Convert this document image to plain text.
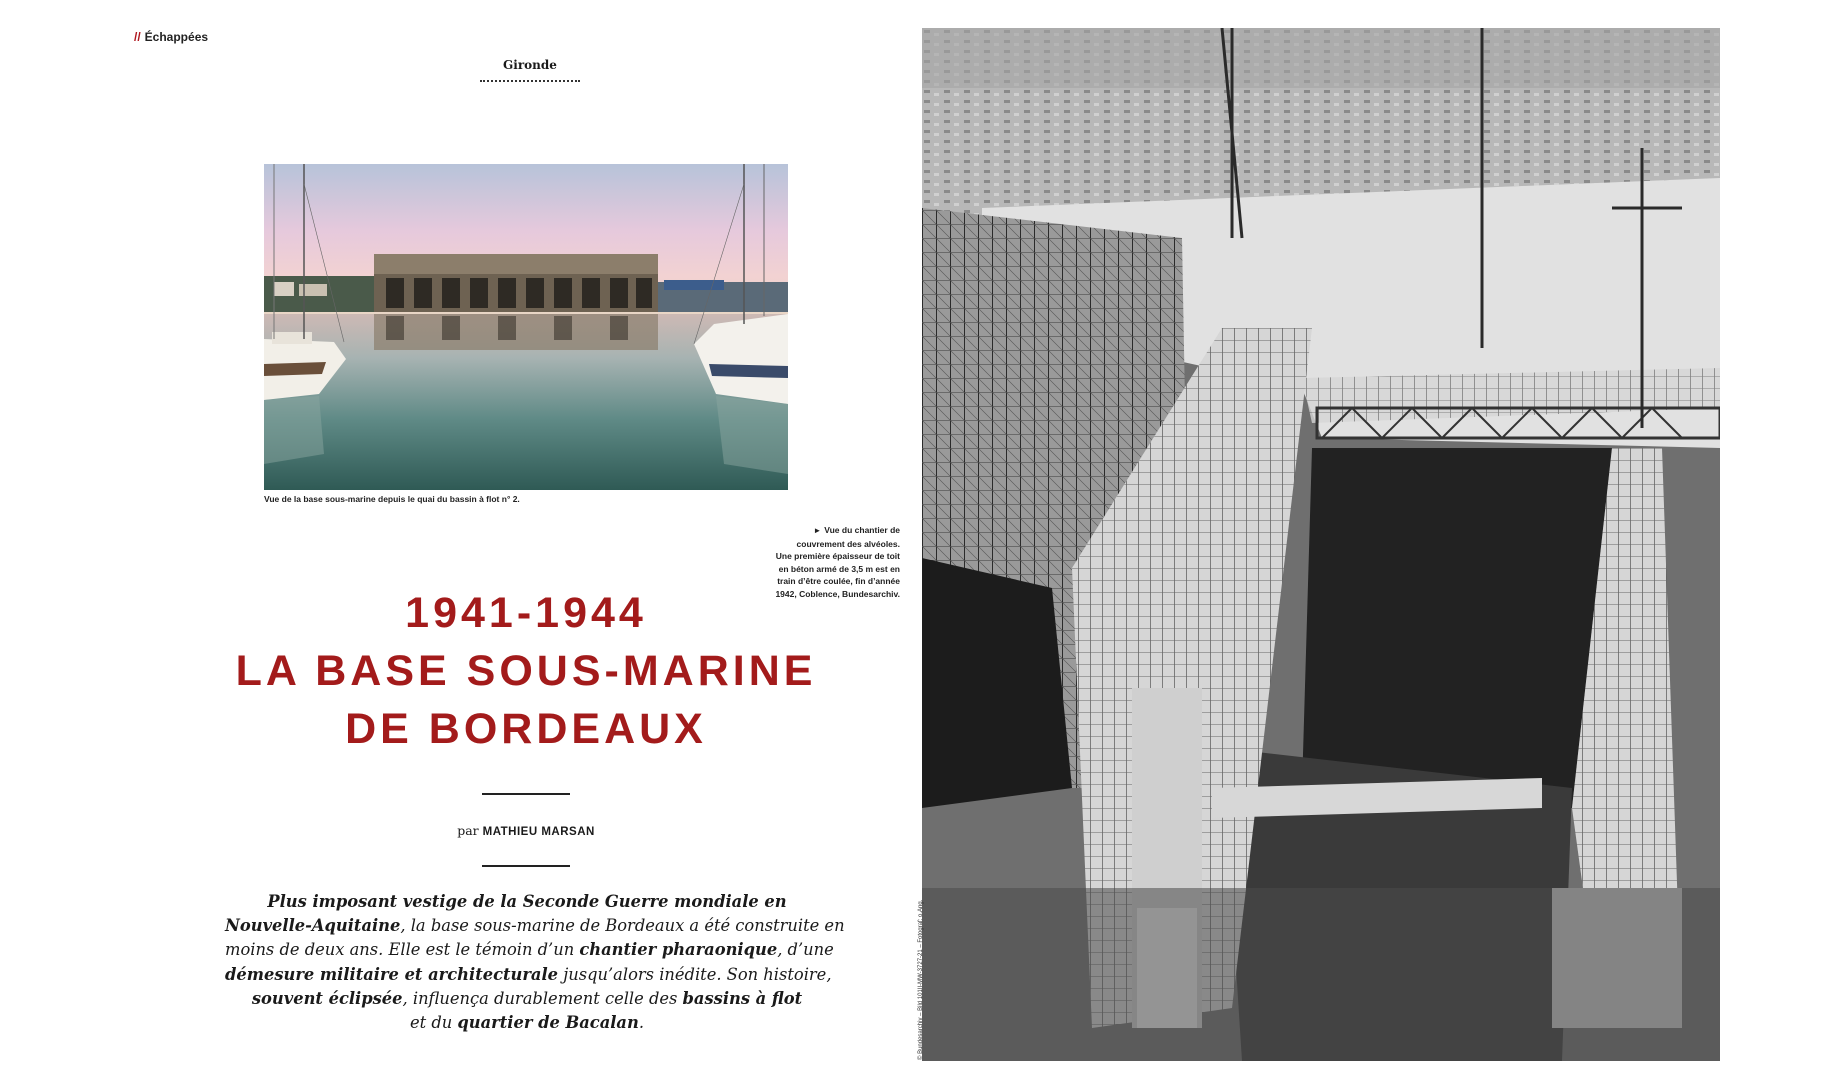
// Échappées
Gironde
Vue de la base sous-marine depuis le quai du bassin à flot n° 2.
► Vue du chantier de
couvrement des alvéoles.
Une première épaisseur de toit
en béton armé de 3,5 m est en
train d’être coulée, fin d’année
1942, Coblence, Bundesarchiv.
1941-1944
LA BASE SOUS-MARINE
DE BORDEAUX
par MATHIEU MARSAN
Plus imposant vestige de la Seconde Guerre mondiale en
Nouvelle-Aquitaine, la base sous-marine de Bordeaux a été construite en
moins de deux ans. Elle est le témoin d’un chantier pharaonique, d’une
démesure militaire et architecturale jusqu’alors inédite. Son histoire,
souvent éclipsée, influença durablement celle des bassins à flot
et du quartier de Bacalan.	© Bundesarchiv – Bild 101II-MW-3727-21 – Fotograf: o.Ang.
